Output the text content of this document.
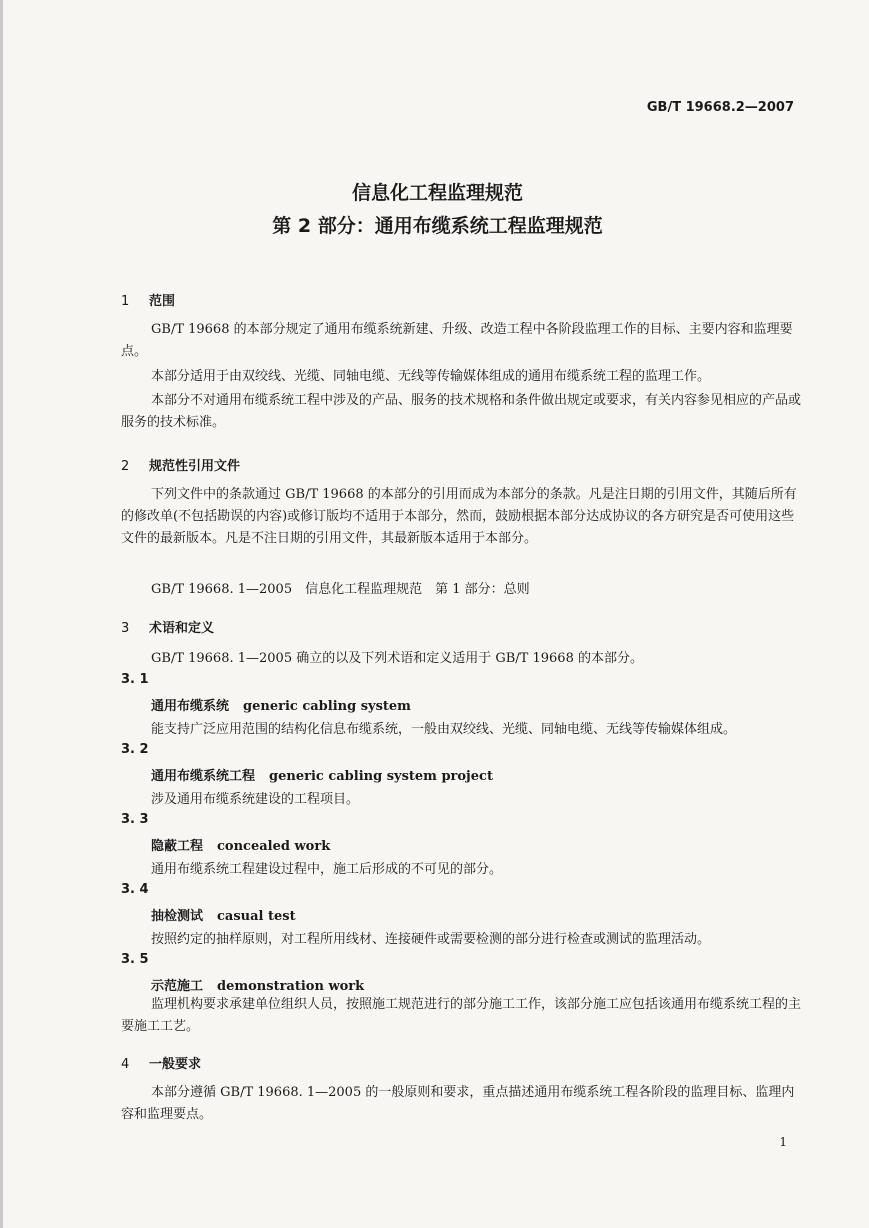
GB/T 19668.2—2007
信息化工程监理规范
第 2 部分：通用布缆系统工程监理规范
1 范围
GB/T 19668 的本部分规定了通用布缆系统新建、升级、改造工程中各阶段监理工作的目标、主要内容和监理要点。
本部分适用于由双绞线、光缆、同轴电缆、无线等传输媒体组成的通用布缆系统工程的监理工作。
本部分不对通用布缆系统工程中涉及的产品、服务的技术规格和条件做出规定或要求，有关内容参见相应的产品或服务的技术标准。
2 规范性引用文件
下列文件中的条款通过 GB/T 19668 的本部分的引用而成为本部分的条款。凡是注日期的引用文件，其随后所有的修改单(不包括勘误的内容)或修订版均不适用于本部分，然而，鼓励根据本部分达成协议的各方研究是否可使用这些文件的最新版本。凡是不注日期的引用文件，其最新版本适用于本部分。
GB/T 19668. 1—2005　信息化工程监理规范　第 1 部分：总则
3 术语和定义
GB/T 19668. 1—2005 确立的以及下列术语和定义适用于 GB/T 19668 的本部分。
3. 1
通用布缆系统 generic cabling system
能支持广泛应用范围的结构化信息布缆系统，一般由双绞线、光缆、同轴电缆、无线等传输媒体组成。
3. 2
通用布缆系统工程 generic cabling system project
涉及通用布缆系统建设的工程项目。
3. 3
隐蔽工程 concealed work
通用布缆系统工程建设过程中，施工后形成的不可见的部分。
3. 4
抽检测试 casual test
按照约定的抽样原则，对工程所用线材、连接硬件或需要检测的部分进行检查或测试的监理活动。
3. 5
示范施工 demonstration work
监理机构要求承建单位组织人员，按照施工规范进行的部分施工工作，该部分施工应包括该通用布缆系统工程的主要施工工艺。
4 一般要求
本部分遵循 GB/T 19668. 1—2005 的一般原则和要求，重点描述通用布缆系统工程各阶段的监理目标、监理内容和监理要点。
1
